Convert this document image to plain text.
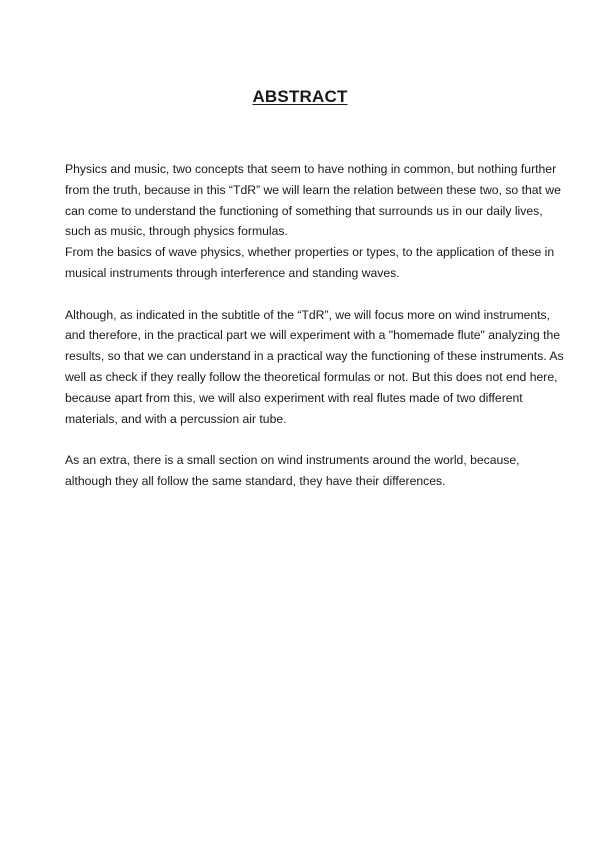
ABSTRACT

Physics and music, two concepts that seem to have nothing in common, but nothing further from the truth, because in this “TdR” we will learn the relation between these two, so that we can come to understand the functioning of something that surrounds us in our daily lives, such as music, through physics formulas.

From the basics of wave physics, whether properties or types, to the application of these in musical instruments through interference and standing waves.

Although, as indicated in the subtitle of the “TdR”, we will focus more on wind instruments, and therefore, in the practical part we will experiment with a "homemade flute" analyzing the results, so that we can understand in a practical way the functioning of these instruments. As well as check if they really follow the theoretical formulas or not. But this does not end here, because apart from this, we will also experiment with real flutes made of two different materials, and with a percussion air tube.

As an extra, there is a small section on wind instruments around the world, because, although they all follow the same standard, they have their differences.
